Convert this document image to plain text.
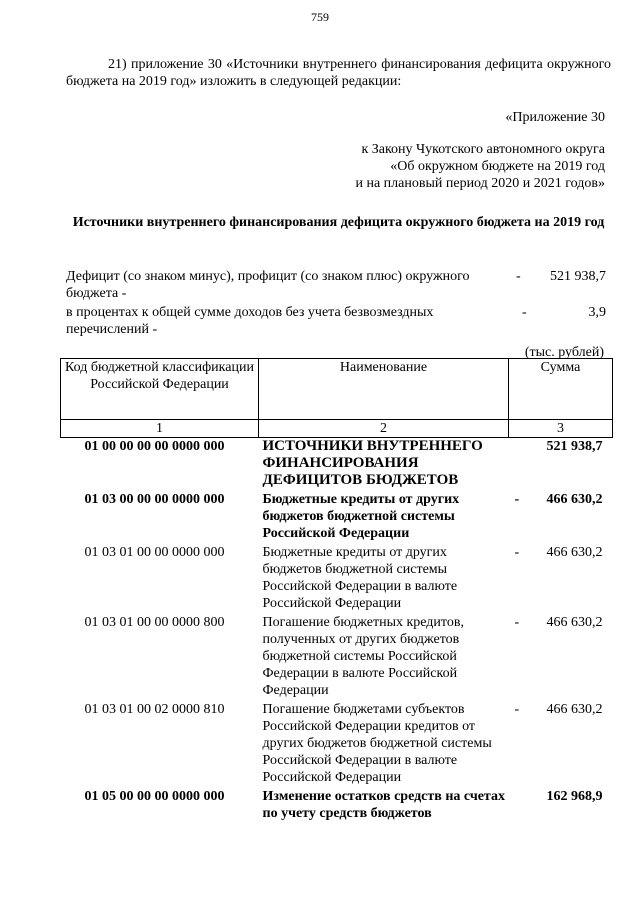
759
21) приложение 30 «Источники внутреннего финансирования дефицита окружного бюджета на 2019 год» изложить в следующей редакции:
«Приложение 30
к Закону Чукотского автономного округа
«Об окружном бюджете на 2019 год
и на плановый период 2020 и 2021 годов»
Источники внутреннего финансирования дефицита окружного бюджета на 2019 год
Дефицит (со знаком минус), профицит (со знаком плюс) окружного бюджета -
- 521 938,7
в процентах к общей сумме доходов без учета безвозмездных перечислений -
-	3,9
(тыс. рублей)
Код бюджетной классификации Российской Федерации	Наименование	Сумма
1	2	3
01 00 00 00 00 0000 000	ИСТОЧНИКИ ВНУТРЕННЕГО ФИНАНСИРОВАНИЯ ДЕФИЦИТОВ БЮДЖЕТОВ	521 938,7
01 03 00 00 00 0000 000	Бюджетные кредиты от других бюджетов бюджетной системы Российской Федерации	- 466 630,2
01 03 01 00 00 0000 000	Бюджетные кредиты от других бюджетов бюджетной системы Российской Федерации в валюте Российской Федерации	- 466 630,2
01 03 01 00 00 0000 800	Погашение бюджетных кредитов, полученных от других бюджетов бюджетной системы Российской Федерации в валюте Российской Федерации	- 466 630,2
01 03 01 00 02 0000 810	Погашение бюджетами субъектов Российской Федерации кредитов от других бюджетов бюджетной системы Российской Федерации в валюте Российской Федерации	- 466 630,2
01 05 00 00 00 0000 000	Изменение остатков средств на счетах по учету средств бюджетов	162 968,9
